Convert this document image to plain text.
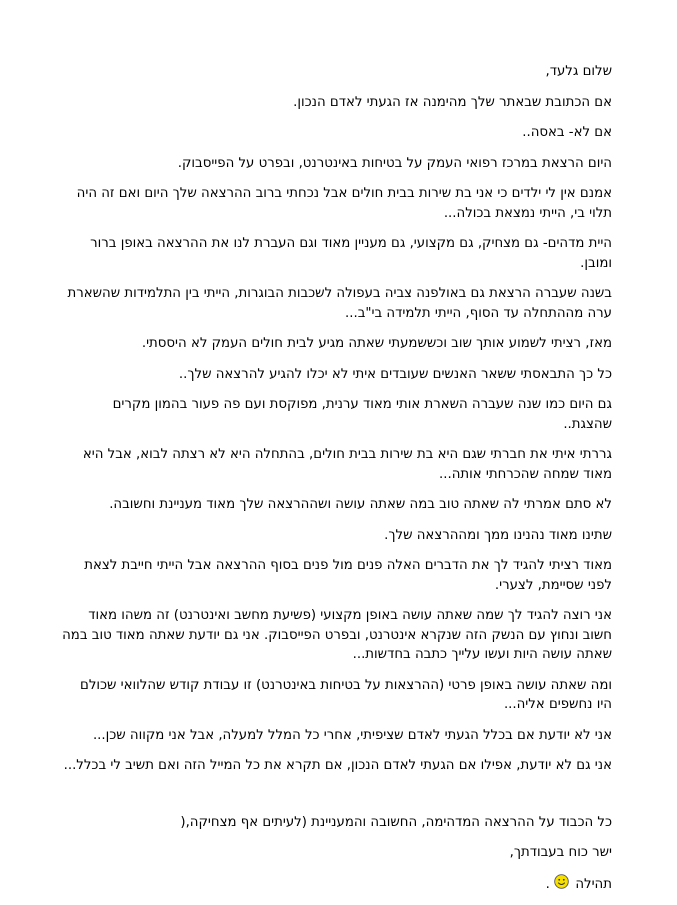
שלום גלעד,

אם הכתובת שבאתר שלך מהימנה אז הגעתי לאדם הנכון.

אם לא- באסה..

היום הרצאת במרכז רפואי העמק על בטיחות באינטרנט, ובפרט על הפייסבוק.

אמנם אין לי ילדים כי אני בת שירות בבית חולים אבל נכחתי ברוב ההרצאה שלך היום ואם זה היה תלוי בי, הייתי נמצאת בכולה...

היית מדהים- גם מצחיק, גם מקצועי, גם מעניין מאוד וגם העברת לנו את ההרצאה באופן ברור ומובן.

בשנה שעברה הרצאת גם באולפנה צביה בעפולה לשכבות הבוגרות, הייתי בין התלמידות שהשארת ערה מההתחלה עד הסוף, הייתי תלמידה בי"ב...

מאז, רציתי לשמוע אותך שוב וכששמעתי שאתה מגיע לבית חולים העמק לא היססתי.

כל כך התבאסתי ששאר האנשים שעובדים איתי לא יכלו להגיע להרצאה שלך..

גם היום כמו שנה שעברה השארת אותי מאוד ערנית, מפוקסת ועם פה פעור בהמון מקרים שהצגת..

גררתי איתי את חברתי שגם היא בת שירות בבית חולים, בהתחלה היא לא רצתה לבוא, אבל היא מאוד שמחה שהכרחתי אותה...

לא סתם אמרתי לה שאתה טוב במה שאתה עושה ושההרצאה שלך מאוד מעניינת וחשובה.

שתינו מאוד נהנינו ממך ומההרצאה שלך.

מאוד רציתי להגיד לך את הדברים האלה פנים מול פנים בסוף ההרצאה אבל הייתי חייבת לצאת לפני שסיימת, לצערי.

אני רוצה להגיד לך שמה שאתה עושה באופן מקצועי (פשיעת מחשב ואינטרנט) זה משהו מאוד חשוב ונחוץ עם הנשק הזה שנקרא אינטרנט, ובפרט הפייסבוק. אני גם יודעת שאתה מאוד טוב במה שאתה עושה היות ועשו עלייך כתבה בחדשות...

ומה שאתה עושה באופן פרטי (ההרצאות על בטיחות באינטרנט) זו עבודת קודש שהלוואי שכולם היו נחשפים אליה...

אני לא יודעת אם בכלל הגעתי לאדם שציפיתי, אחרי כל המלל למעלה, אבל אני מקווה שכן...

אני גם לא יודעת, אפילו אם הגעתי לאדם הנכון, אם תקרא את כל המייל הזה ואם תשיב לי בכלל...

כל הכבוד על ההרצאה המדהימה, החשובה והמעניינת (לעיתים אף מצחיקה,(

ישר כוח בעבודתך,

תהילה  .
